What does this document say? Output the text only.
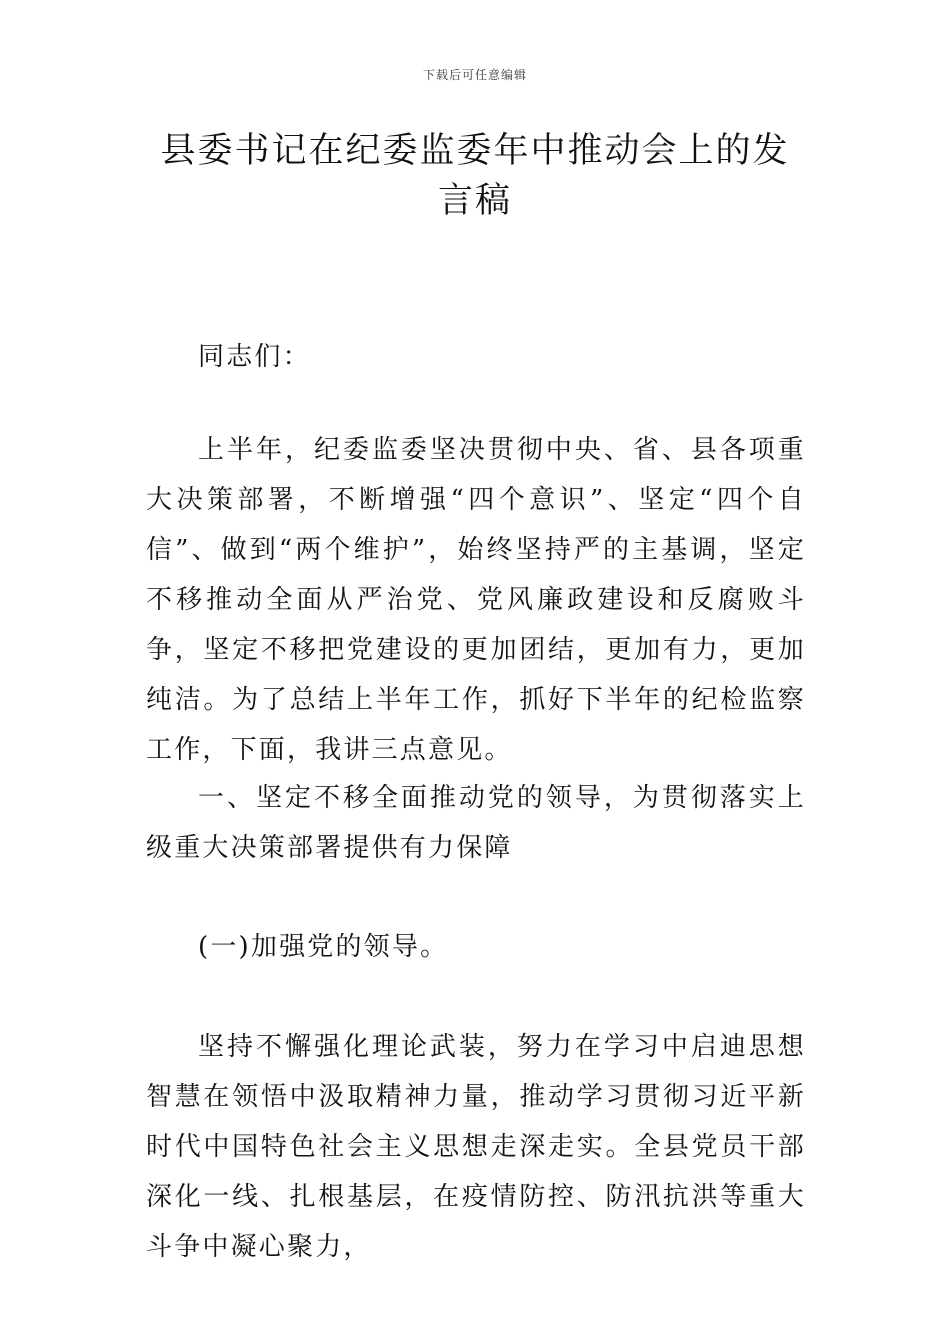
下载后可任意编辑
县委书记在纪委监委年中推动会上的发言稿

同志们：

上半年，纪委监委坚决贯彻中央、省、县各项重大决策部署，不断增强“四个意识”、坚定“四个自信”、做到“两个维护”，始终坚持严的主基调，坚定不移推动全面从严治党、党风廉政建设和反腐败斗争，坚定不移把党建设的更加团结，更加有力，更加纯洁。为了总结上半年工作，抓好下半年的纪检监察工作，下面，我讲三点意见。

一、坚定不移全面推动党的领导，为贯彻落实上级重大决策部署提供有力保障

(一)加强党的领导。

坚持不懈强化理论武装，努力在学习中启迪思想智慧在领悟中汲取精神力量，推动学习贯彻习近平新时代中国特色社会主义思想走深走实。全县党员干部深化一线、扎根基层，在疫情防控、防汛抗洪等重大斗争中凝心聚力，
